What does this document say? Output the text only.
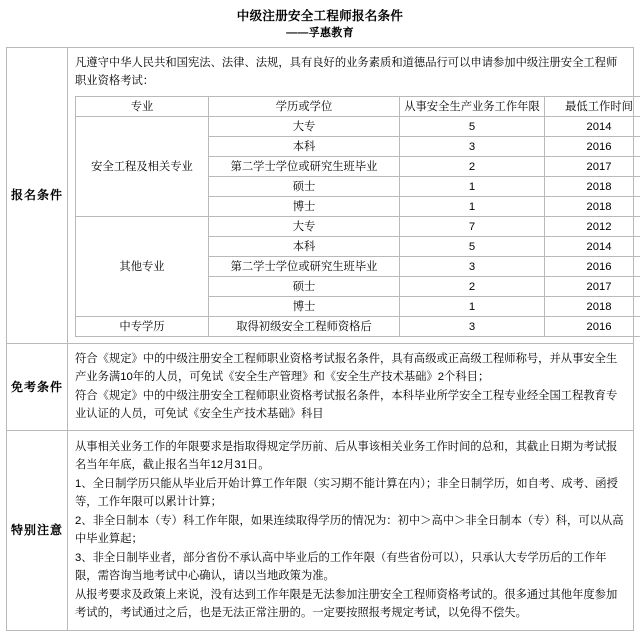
中级注册安全工程师报名条件
——孚惠教育
报名条件	

凡遵守中华人民共和国宪法、法律、法规，具有良好的业务素质和道德品行可以申请参加中级注册安全工程师职业资格考试：

专业	学历或学位	从事安全生产业务工作年限	最低工作时间
安全工程及相关专业	大专	5	2014
本科	3	2016
第二学士学位或研究生班毕业	2	2017
硕士	1	2018
博士	1	2018
其他专业	大专	7	2012
本科	5	2014
第二学士学位或研究生班毕业	3	2016
硕士	2	2017
博士	1	2018
中专学历	取得初级安全工程师资格后	3	2016

免考条件	

符合《规定》中的中级注册安全工程师职业资格考试报名条件，具有高级或正高级工程师称号，并从事安全生产业务满10年的人员，可免试《安全生产管理》和《安全生产技术基础》2个科目；

符合《规定》中的中级注册安全工程师职业资格考试报名条件，本科毕业所学安全工程专业经全国工程教育专业认证的人员，可免试《安全生产技术基础》科目

特别注意	

从事相关业务工作的年限要求是指取得规定学历前、后从事该相关业务工作时间的总和，其截止日期为考试报名当年年底，截止报名当年12月31日。

1、全日制学历只能从毕业后开始计算工作年限（实习期不能计算在内）；非全日制学历，如自考、成考、函授等，工作年限可以累计计算；

2、非全日制本（专）科工作年限，如果连续取得学历的情况为：初中＞高中＞非全日制本（专）科，可以从高中毕业算起；

3、非全日制毕业者，部分省份不承认高中毕业后的工作年限（有些省份可以），只承认大专学历后的工作年限，需咨询当地考试中心确认，请以当地政策为准。

从报考要求及政策上来说，没有达到工作年限是无法参加注册安全工程师资格考试的。很多通过其他年度参加考试的，考试通过之后，也是无法正常注册的。一定要按照报考规定考试，以免得不偿失。
